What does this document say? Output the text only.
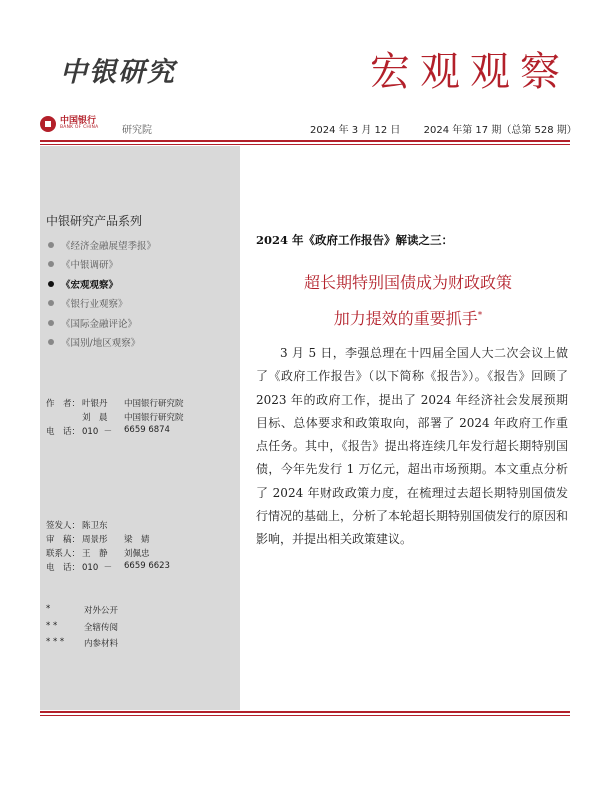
中银研究	宏观观察
中国银行
BANK OF CHINA 研究院	2024 年 3 月 12 日 2024 年第 17 期（总第 528 期）
中银研究产品系列
《经济金融展望季报》
《中银调研》
《宏观观察》
《银行业观察》
《国际金融评论》
《国别/地区观察》
作　者： 叶银丹	中国银行研究院
刘　晨	中国银行研究院
电　话： 010  －	6659 6874
签发人： 陈卫东
审　稿： 周景彤	梁　婧
联系人： 王　静	刘佩忠
电　话： 010  －	6659 6623
*	对外公开
* *	全辖传阅
* * *	内参材料
2024 年《政府工作报告》解读之三：
超长期特别国债成为财政政策
加力提效的重要抓手*

3 月 5 日，李强总理在十四届全国人大二次会议上做了《政府工作报告》（以下简称《报告》）。《报告》回顾了 2023 年的政府工作，提出了 2024 年经济社会发展预期目标、总体要求和政策取向，部署了 2024 年政府工作重点任务。其中，《报告》提出将连续几年发行超长期特别国债，今年先发行 1 万亿元，超出市场预期。本文重点分析了 2024 年财政政策力度，在梳理过去超长期特别国债发行情况的基础上，分析了本轮超长期特别国债发行的原因和影响，并提出相关政策建议。
